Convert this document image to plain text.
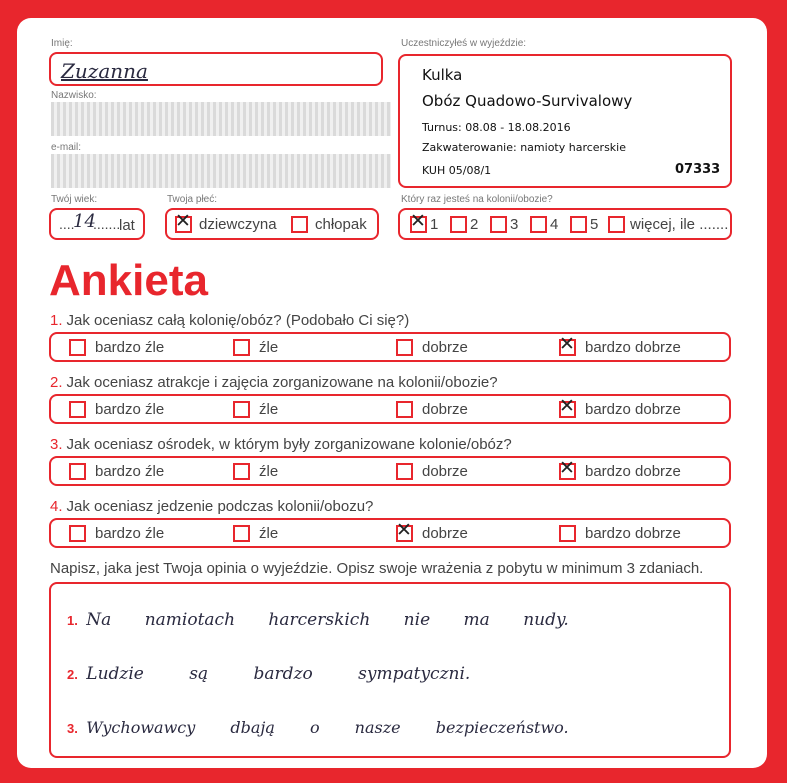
Imię:
Zuzanna
Nazwisko:
e-mail:
Twój wiek:
....
14
.......
lat
Twoja płeć:
✕ dziewczyna	chłopak
Uczestniczyłeś w wyjeździe:
Kulka
Obóz Quadowo-Survivalowy
Turnus: 08.08 - 18.08.2016
Zakwaterowanie: namioty harcerskie
KUH 05/08/1	07333
Który raz jesteś na kolonii/obozie?
✕ 1 2 3 4 5 więcej, ile .......
Ankieta
1. Jak oceniasz całą kolonię/obóz? (Podobało Ci się?)
bardzo źle	źle	dobrze	✕ bardzo dobrze
2. Jak oceniasz atrakcje i zajęcia zorganizowane na kolonii/obozie?
bardzo źle	źle	dobrze	✕ bardzo dobrze
3. Jak oceniasz ośrodek, w którym były zorganizowane kolonie/obóz?
bardzo źle	źle	dobrze	✕ bardzo dobrze
4. Jak oceniasz jedzenie podczas kolonii/obozu?
bardzo źle	źle	✕ dobrze	bardzo dobrze
Napisz, jaka jest Twoja opinia o wyjeździe. Opisz swoje wrażenia z pobytu w minimum 3 zdaniach.
1. Na namiotach harcerskich nie ma nudy.
2. Ludzie są bardzo sympatyczni.
3. Wychowawcy dbają o nasze bezpieczeństwo.
